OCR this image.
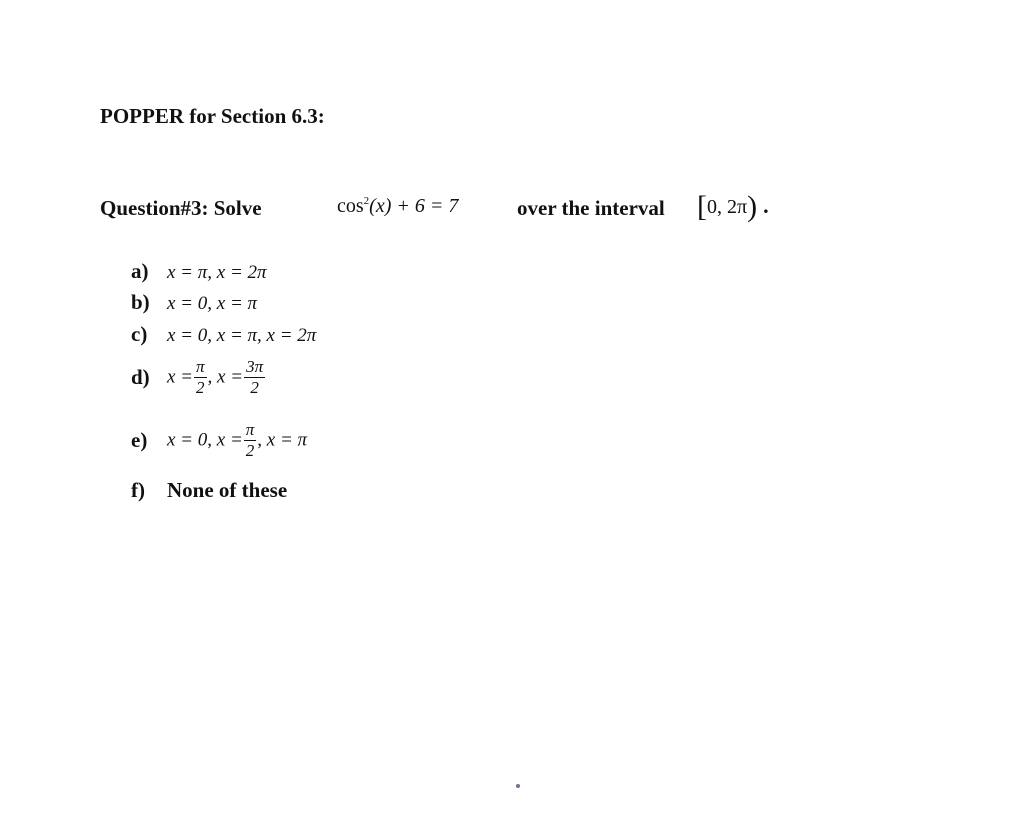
POPPER for Section 6.3:
Question#3: Solve	$\cos^2(x) + 6 = 7$	over the interval [0, 2π) .
a) x = π, x = 2π
b) x = 0, x = π
c) x = 0, x = π, x = 2π
d) $x = \frac{\pi}{2}$ , $x = \frac{3\pi}{2}$
e) x = 0, $x = \frac{\pi}{2}$ , x = π
f) None of these
